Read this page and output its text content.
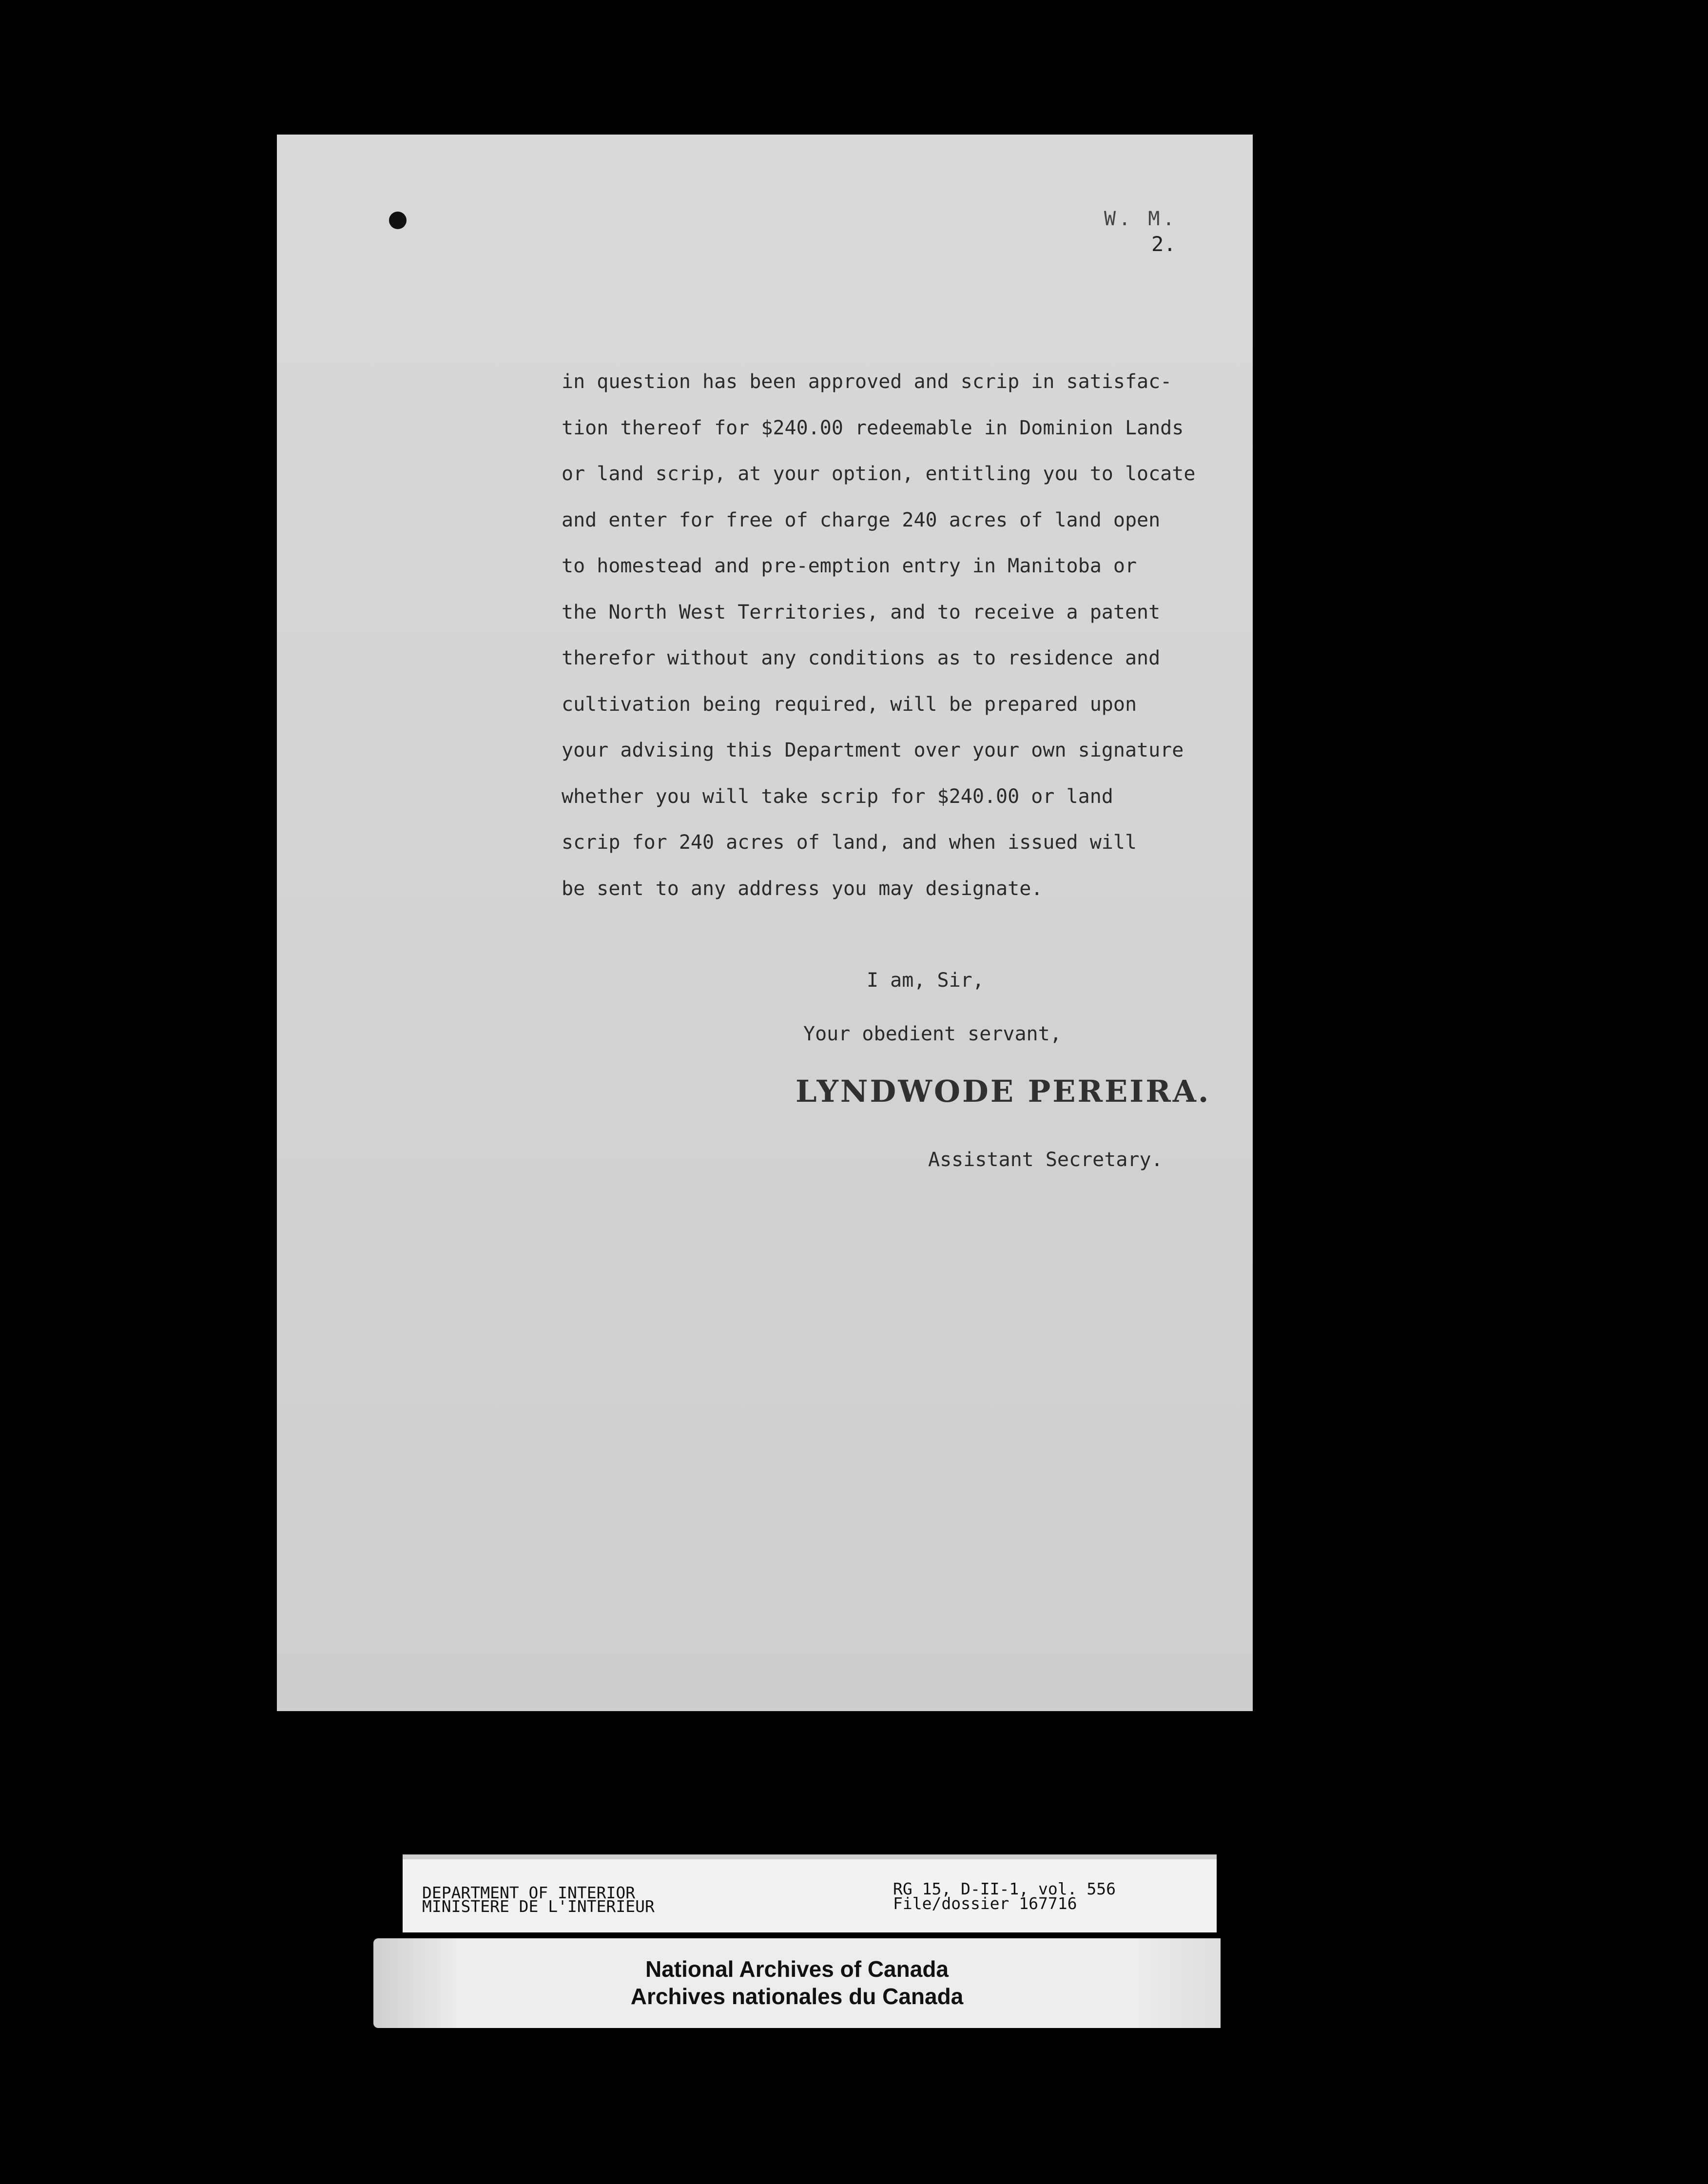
W. M.
2.
in question has been approved and scrip in satisfac-
tion thereof for $240.00 redeemable in Dominion Lands
or land scrip, at your option, entitling you to locate
and enter for free of charge 240 acres of land open
to homestead and pre-emption entry in Manitoba or
the North West Territories, and to receive a patent
therefor without any conditions as to residence and
cultivation being required, will be prepared upon
your advising this Department over your own signature
whether you will take scrip for $240.00 or land
scrip for 240 acres of land, and when issued will
be sent to any address you may designate.
I am, Sir,
Your obedient servant,
LYNDWODE PEREIRA.
Assistant Secretary.
DEPARTMENT OF INTERIOR
MINISTERE DE L'INTERIEUR
RG 15, D-II-1, vol. 556
File/dossier 167716
National Archives of Canada
Archives nationales du Canada
